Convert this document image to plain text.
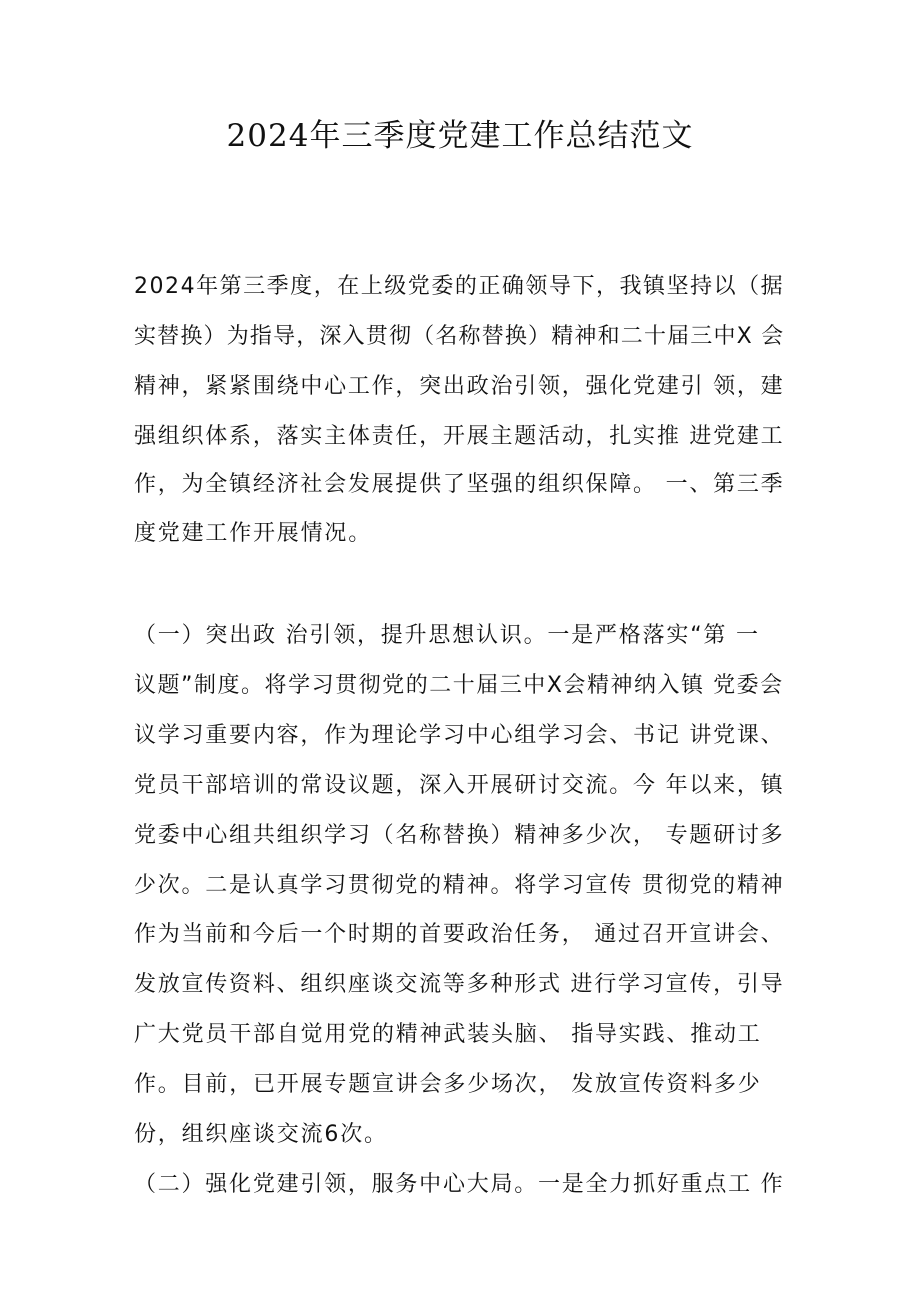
2024年三季度党建工作总结范文
2024年第三季度，在上级党委的正确领导下，我镇坚持以（据
实替换）为指导，深入贯彻（名称替换）精神和二十届三中X 会
精神，紧紧围绕中心工作，突出政治引领，强化党建引 领，建
强组织体系，落实主体责任，开展主题活动，扎实推 进党建工
作，为全镇经济社会发展提供了坚强的组织保障。 一、第三季
度党建工作开展情况。
（一）突出政 治引领，提升思想认识。一是严格落实“第 一
议题”制度。将学习贯彻党的二十届三中X会精神纳入镇 党委会
议学习重要内容，作为理论学习中心组学习会、书记 讲党课、
党员干部培训的常设议题，深入开展研讨交流。今 年以来，镇
党委中心组共组织学习（名称替换）精神多少次， 专题研讨多
少次。二是认真学习贯彻党的精神。将学习宣传 贯彻党的精神
作为当前和今后一个时期的首要政治任务， 通过召开宣讲会、
发放宣传资料、组织座谈交流等多种形式 进行学习宣传，引导
广大党员干部自觉用党的精神武装头脑、 指导实践、推动工
作。目前，已开展专题宣讲会多少场次， 发放宣传资料多少
份，组织座谈交流6次。
（二）强化党建引领，服务中心大局。一是全力抓好重点工 作
